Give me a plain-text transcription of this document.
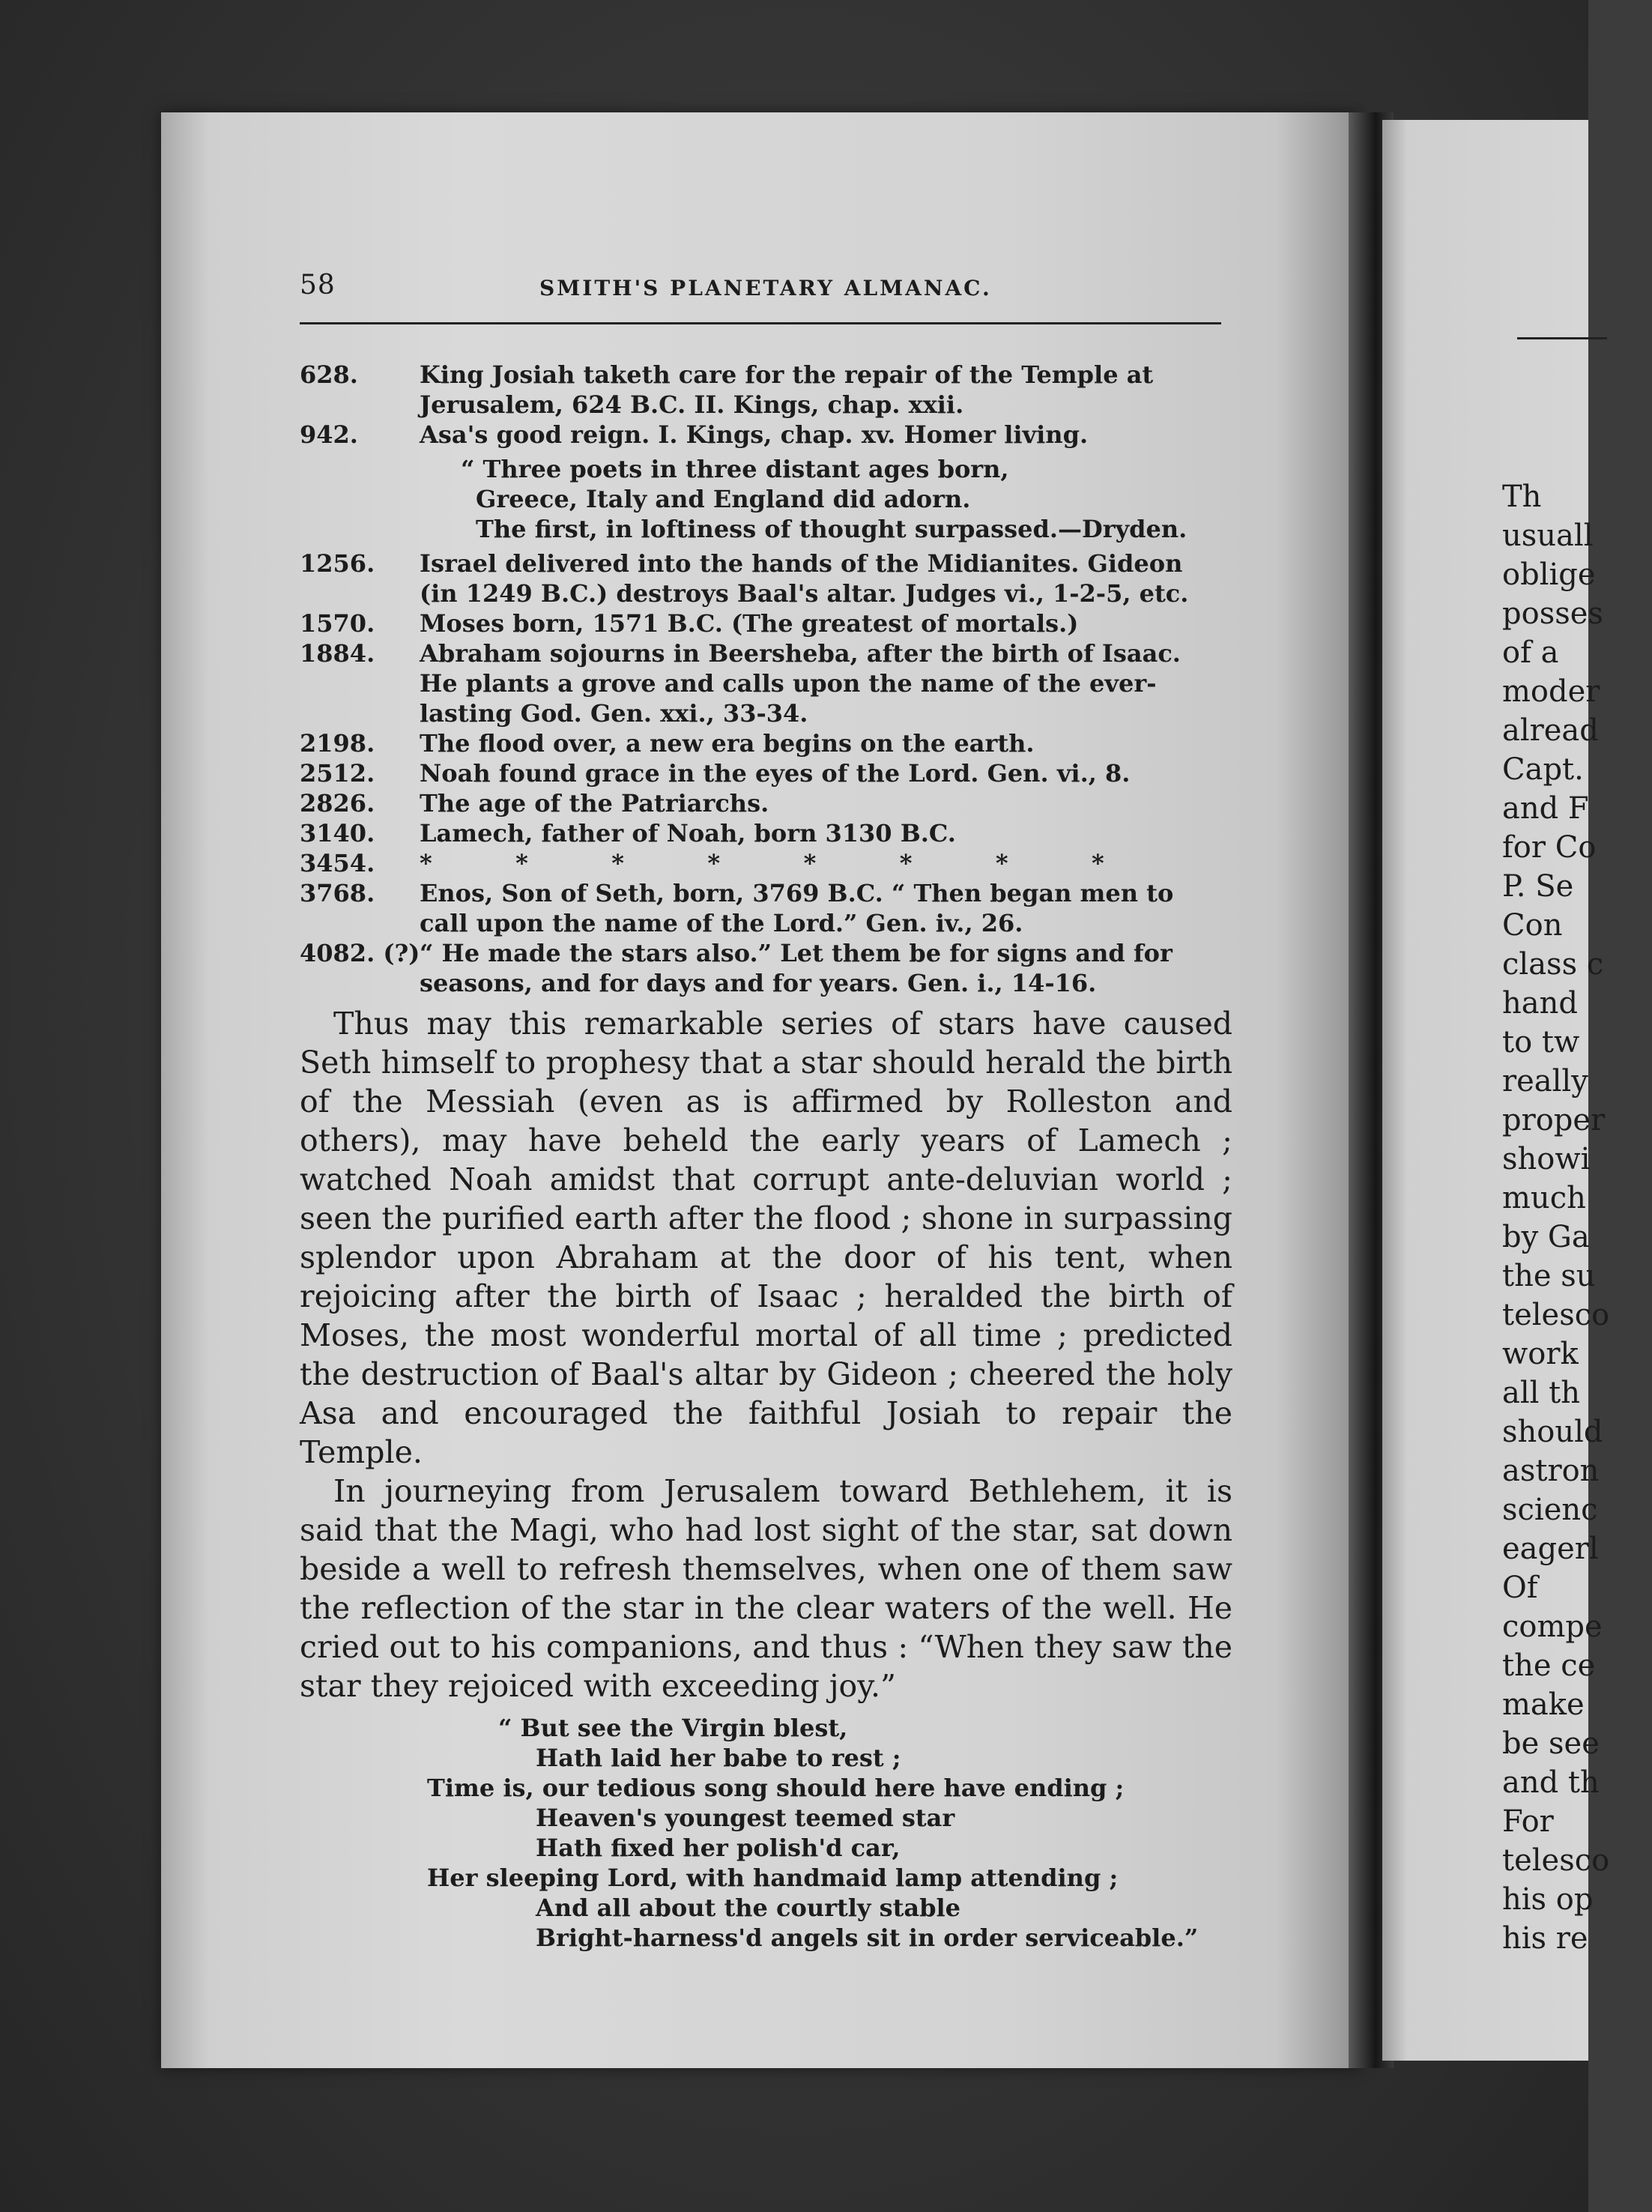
58	SMITH'S PLANETARY ALMANAC.
628.	King Josiah taketh care for the repair of the Temple at
Jerusalem, 624 B.C. II. Kings, chap. xxii.
942.	Asa's good reign. I. Kings, chap. xv. Homer living.
“ Three poets in three distant ages born,
Greece, Italy and England did adorn.
The first, in loftiness of thought surpassed.—Dryden.
1256. Israel delivered into the hands of the Midianites. Gideon
(in 1249 B.C.) destroys Baal's altar. Judges vi., 1-2-5, etc.
1570. Moses born, 1571 B.C. (The greatest of mortals.)
1884. Abraham sojourns in Beersheba, after the birth of Isaac.
He plants a grove and calls upon the name of the ever-
lasting God. Gen. xxi., 33-34.
2198. The flood over, a new era begins on the earth.
2512. Noah found grace in the eyes of the Lord. Gen. vi., 8.
2826. The age of the Patriarchs.
3140. Lamech, father of Noah, born 3130 B.C.
3454. *          *          *          *          *          *          *          *
3768. Enos, Son of Seth, born, 3769 B.C. “ Then began men to
call upon the name of the Lord.” Gen. iv., 26.
4082. (?) “ He made the stars also.” Let them be for signs and for
seasons, and for days and for years. Gen. i., 14-16.
Thus may this remarkable series of stars have caused Seth himself to prophesy that a star should herald the birth of the Messiah (even as is affirmed by Rolleston and others), may have beheld the early years of Lamech ; watched Noah amidst that corrupt ante-deluvian world ; seen the purified earth after the flood ; shone in surpassing splendor upon Abraham at the door of his tent, when rejoicing after the birth of Isaac ; heralded the birth of Moses, the most wonderful mortal of all time ; predicted the destruction of Baal's altar by Gideon ; cheered the holy Asa and encouraged the faithful Josiah to repair the Temple.
In journeying from Jerusalem toward Bethlehem, it is said that the Magi, who had lost sight of the star, sat down beside a well to refresh themselves, when one of them saw the reflection of the star in the clear waters of the well. He cried out to his companions, and thus : “When they saw the star they rejoiced with exceeding joy.”
“ But see the Virgin blest,
Hath laid her babe to rest ;
Time is, our tedious song should here have ending ;
Heaven's youngest teemed star
Hath fixed her polish'd car,
Her sleeping Lord, with handmaid lamp attending ;
And all about the courtly stable
Bright-harness'd angels sit in order serviceable.”
Th
usuall
oblige
posses
of a
moder
alread
Capt.
and F
for Co
P. Se
Con
class c
hand
to tw
really
proper
showi
much
by Ga
the su
telesco
work
all th
should
astron
scienc
eagerl
Of
compe
the ce
make
be see
and th
For
telesco
his op
his re
